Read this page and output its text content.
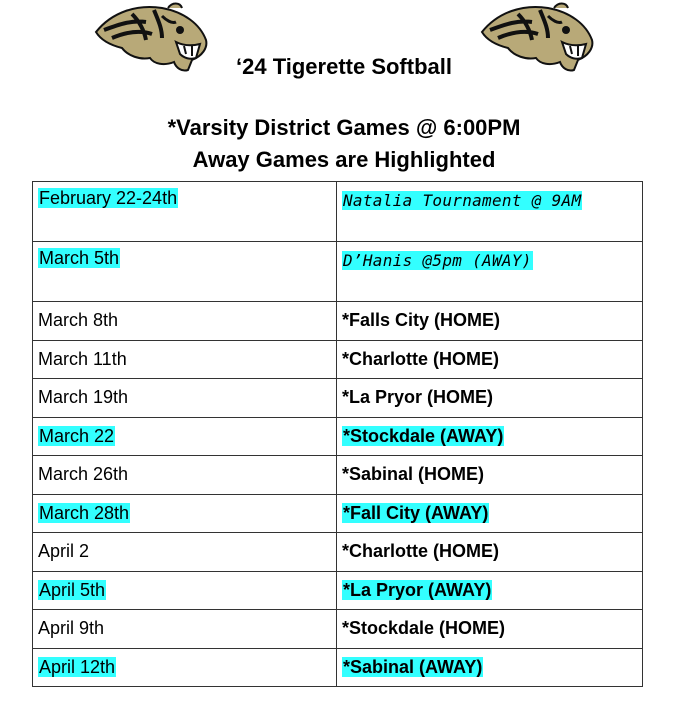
‘24 Tigerette Softball
*Varsity District Games @ 6:00PM
Away Games are Highlighted
February 22-24th	Natalia Tournament @ 9AM
March 5th	D’Hanis @5pm (AWAY)
March 8th	*Falls City (HOME)
March 11th	*Charlotte (HOME)
March 19th	*La Pryor (HOME)
March 22	*Stockdale (AWAY)
March 26th	*Sabinal (HOME)
March 28th	*Fall City (AWAY)
April 2	*Charlotte (HOME)
April 5th	*La Pryor (AWAY)
April 9th	*Stockdale (HOME)
April 12th	*Sabinal (AWAY)
